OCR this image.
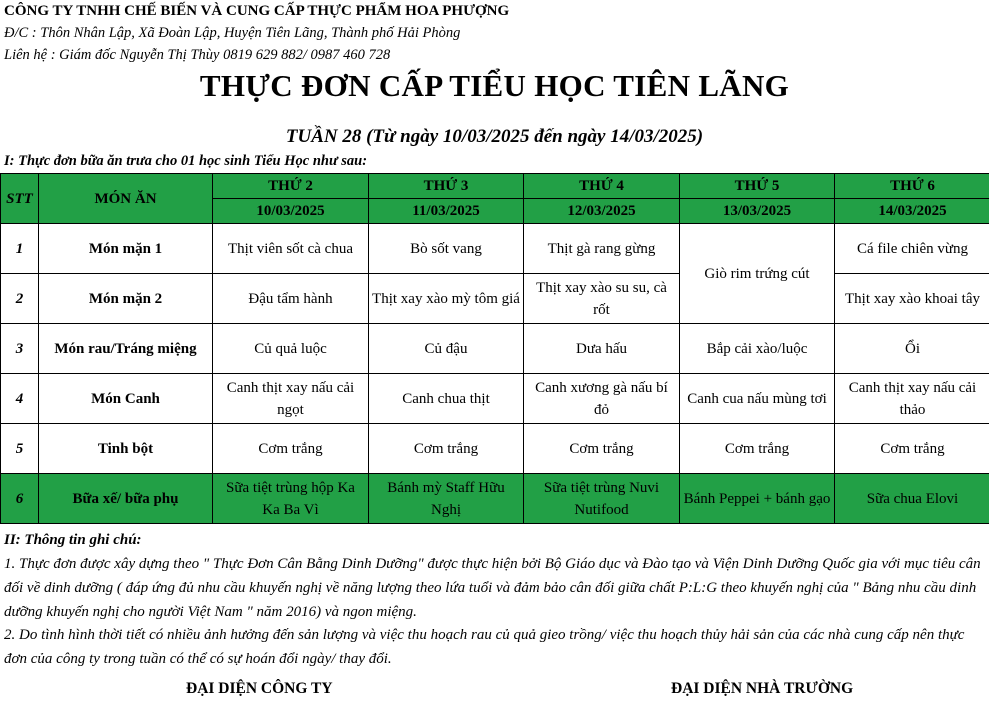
CÔNG TY TNHH CHẾ BIẾN VÀ CUNG CẤP THỰC PHẨM HOA PHƯỢNG
Đ/C : Thôn Nhân Lập, Xã Đoàn Lập, Huyện Tiên Lãng, Thành phố Hải Phòng
Liên hệ : Giám đốc Nguyễn Thị Thùy 0819 629 882/ 0987 460 728
THỰC ĐƠN CẤP TIỂU HỌC TIÊN LÃNG
TUẦN 28 (Từ ngày 10/03/2025 đến ngày 14/03/2025)
I: Thực đơn bữa ăn trưa cho 01 học sinh Tiểu Học như sau:
STT	MÓN ĂN	THỨ 2	THỨ 3	THỨ 4	THỨ 5	THỨ 6
		10/03/2025	11/03/2025	12/03/2025	13/03/2025	14/03/2025
1	Món mặn 1	Thịt viên sốt cà chua	Bò sốt vang	Thịt gà rang gừng	Giò rim trứng cút	Cá file chiên vừng
2	Món mặn 2	Đậu tẩm hành	Thịt xay xào mỳ tôm giá	Thịt xay xào su su, cà rốt		Thịt xay xào khoai tây
3	Món rau/Tráng miệng	Củ quả luộc	Củ đậu	Dưa hấu	Bắp cải xào/luộc	Ổi
4	Món Canh	Canh thịt xay nấu cải ngọt	Canh chua thịt	Canh xương gà nấu bí đỏ	Canh cua nấu mùng tơi	Canh thịt xay nấu cải thảo
5	Tinh bột	Cơm trắng	Cơm trắng	Cơm trắng	Cơm trắng	Cơm trắng
6	Bữa xế/ bữa phụ	Sữa tiệt trùng hộp Ka Ka Ba Vì	Bánh mỳ Staff Hữu Nghị	Sữa tiệt trùng Nuvi Nutifood	Bánh Peppei + bánh gạo	Sữa chua Elovi
II: Thông tin ghi chú:
1. Thực đơn được xây dựng theo " Thực Đơn Cân Bằng Dinh Dưỡng" được thực hiện bởi Bộ Giáo dục và Đào tạo và Viện Dinh Dưỡng Quốc gia với mục tiêu cân đối về dinh dưỡng ( đáp ứng đủ nhu cầu khuyến nghị về năng lượng theo lứa tuổi và đảm bảo cân đối giữa chất P:L:G theo khuyến nghị của " Bảng nhu cầu dinh dưỡng khuyến nghị cho người Việt Nam " năm 2016) và ngon miệng.
2. Do tình hình thời tiết có nhiều ảnh hưởng đến sản lượng và việc thu hoạch rau củ quả gieo trồng/ việc thu hoạch thủy hải sản của các nhà cung cấp nên thực đơn của công ty trong tuần có thể có sự hoán đổi ngày/ thay đổi.
ĐẠI DIỆN CÔNG TY	ĐẠI DIỆN NHÀ TRƯỜNG
